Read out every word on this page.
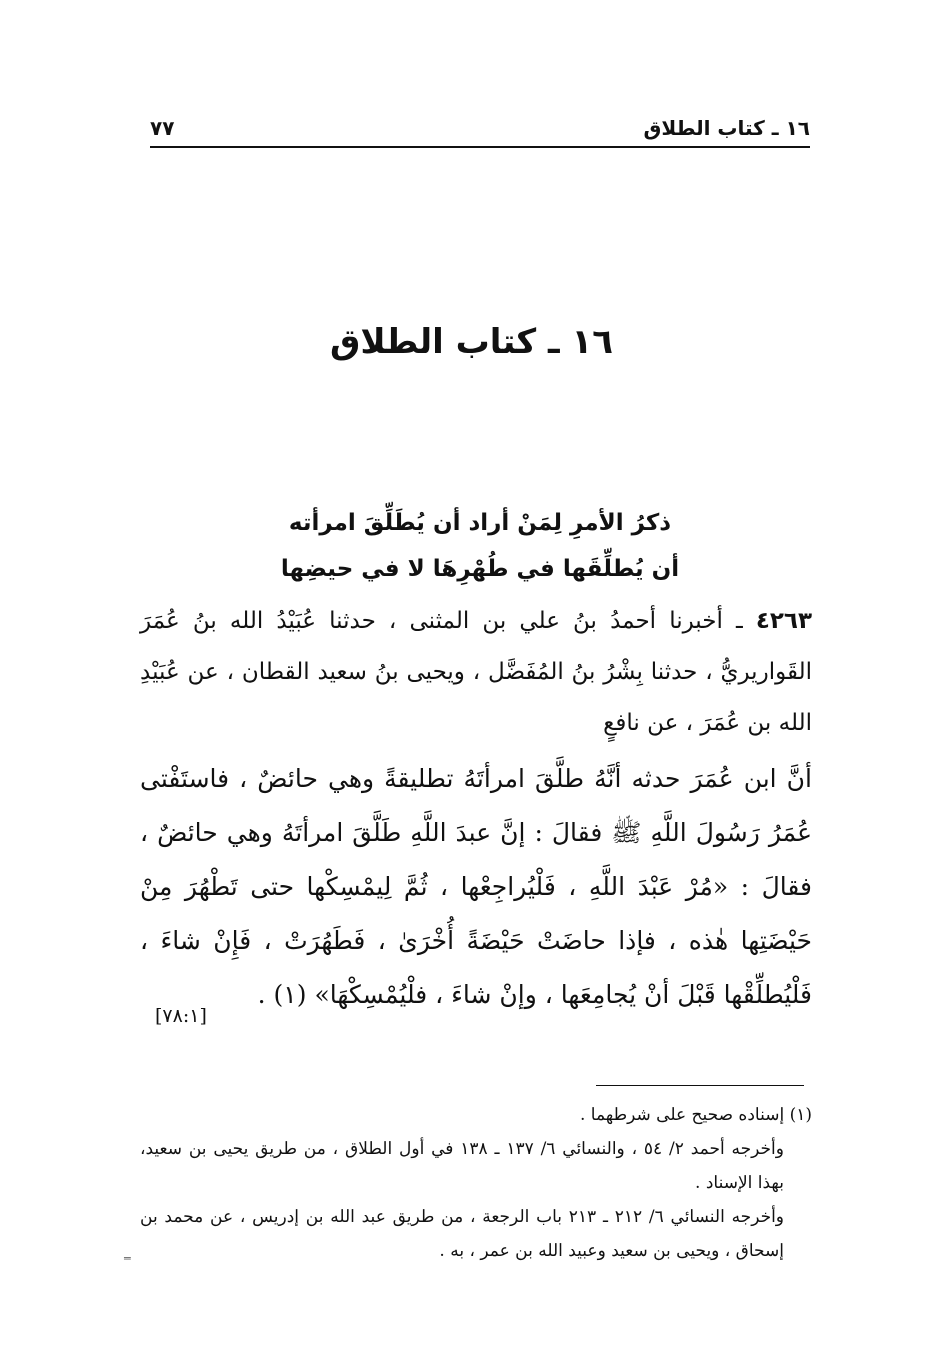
١٦ ـ كتاب الطلاق
٧٧
١٦ ـ كتاب الطلاق
ذكرُ الأمرِ لِمَنْ أراد أن يُطَلِّقَ امرأته
أن يُطلِّقَها في طُهْرِهَا لا في حيضِها
٤٢٦٣ ـ أخبرنا أحمدُ بنُ علي بن المثنى ، حدثنا عُبَيْدُ الله بنُ عُمَرَ القَواريريُّ ، حدثنا بِشْرُ بنُ المُفَضَّل ، ويحيى بنُ سعيد القطان ، عن عُبَيْدِ الله بن عُمَرَ ، عن نافعٍ
أنَّ ابن عُمَرَ حدثه أنَّهُ طلَّقَ امرأتَهُ تطليقةً وهي حائضٌ ، فاستَفْتى عُمَرُ رَسُولَ اللَّهِ ﷺ فقالَ : إنَّ عبدَ اللَّهِ طَلَّقَ امرأتَهُ وهي حائضٌ ، فقالَ : «مُرْ عَبْدَ اللَّهِ ، فَلْيُراجِعْها ، ثُمَّ لِيمْسِكْها حتى تَطْهُرَ مِنْ حَيْضَتِها هٰذه ، فإذا حاضَتْ حَيْضَةً أُخْرَىٰ ، فَطَهُرَتْ ، فَإِنْ شاءَ ، فَلْيُطلِّقْها قَبْلَ أنْ يُجامِعَها ، وإنْ شاءَ ، فلْيُمْسِكْهَا» (١) .
[٧٨:١]

(١) إسناده صحيح على شرطهما .

وأخرجه أحمد ٢/ ٥٤ ، والنسائي ٦/ ١٣٧ ـ ١٣٨ في أول الطلاق ، من طريق يحيى بن سعيد، بهذا الإسناد .

وأخرجه النسائي ٦/ ٢١٢ ـ ٢١٣ باب الرجعة ، من طريق عبد الله بن إدريس ، عن محمد بن إسحاق ، ويحيى بن سعيد وعبيد الله بن عمر ، به .

═
